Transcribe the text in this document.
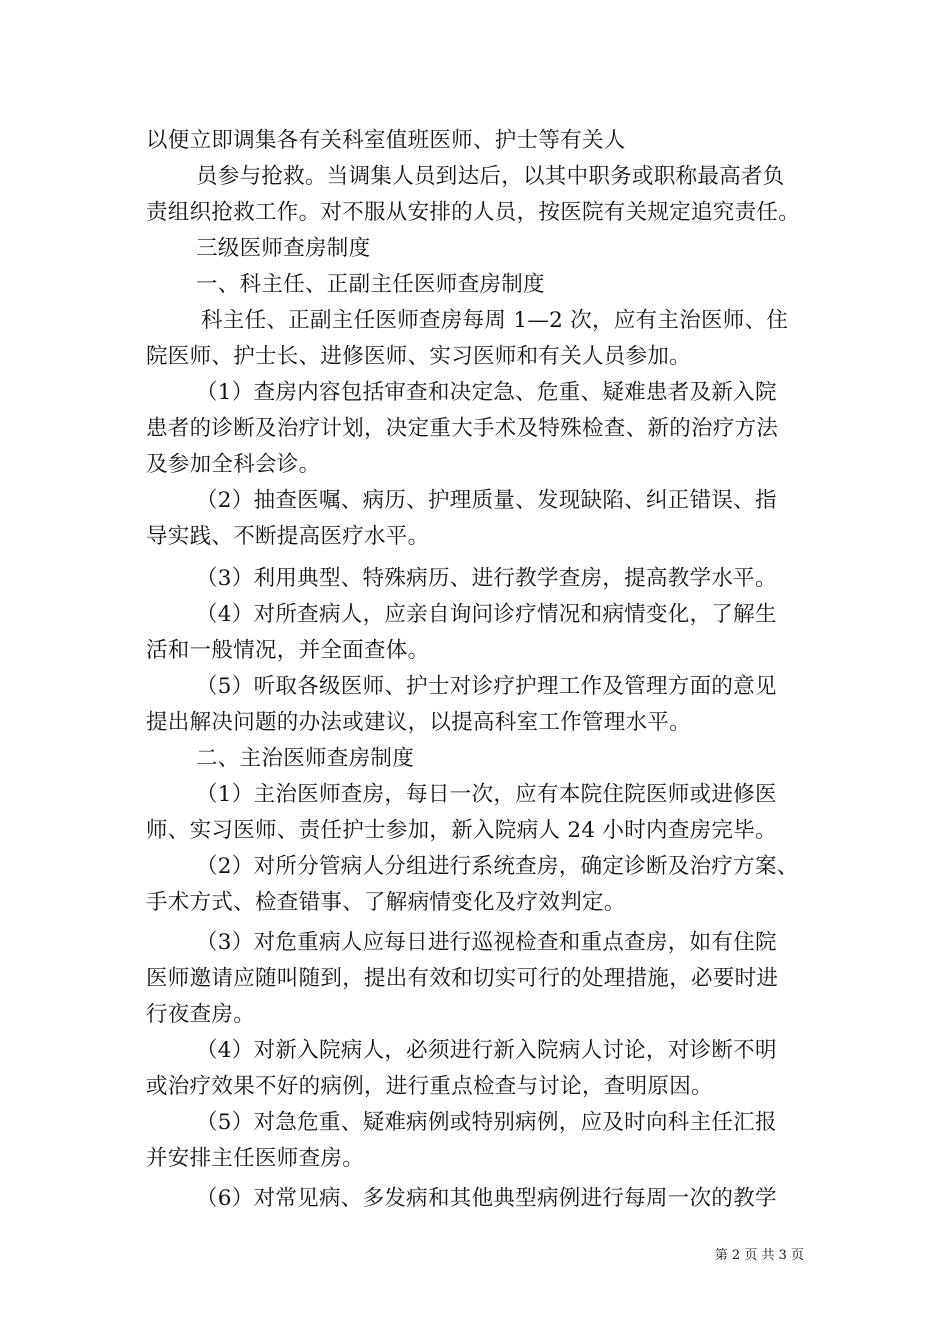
以便立即调集各有关科室值班医师、护士等有关人
员参与抢救。当调集人员到达后，以其中职务或职称最高者负
责组织抢救工作。对不服从安排的人员，按医院有关规定追究责任。
三级医师查房制度
一、科主任、正副主任医师查房制度
科主任、正副主任医师查房每周 1—2 次，应有主治医师、住
院医师、护士长、进修医师、实习医师和有关人员参加。
（1）查房内容包括审查和决定急、危重、疑难患者及新入院
患者的诊断及治疗计划，决定重大手术及特殊检查、新的治疗方法
及参加全科会诊。
（2）抽查医嘱、病历、护理质量、发现缺陷、纠正错误、指
导实践、不断提高医疗水平。
（3）利用典型、特殊病历、进行教学查房，提高教学水平。
（4）对所查病人，应亲自询问诊疗情况和病情变化，了解生
活和一般情况，并全面查体。
（5）听取各级医师、护士对诊疗护理工作及管理方面的意见
提出解决问题的办法或建议，以提高科室工作管理水平。
二、主治医师查房制度
（1）主治医师查房，每日一次，应有本院住院医师或进修医
师、实习医师、责任护士参加，新入院病人 24 小时内查房完毕。
（2）对所分管病人分组进行系统查房，确定诊断及治疗方案、
手术方式、检查错事、了解病情变化及疗效判定。
（3）对危重病人应每日进行巡视检查和重点查房，如有住院
医师邀请应随叫随到，提出有效和切实可行的处理措施，必要时进
行夜查房。
（4）对新入院病人，必须进行新入院病人讨论，对诊断不明
或治疗效果不好的病例，进行重点检查与讨论，查明原因。
（5）对急危重、疑难病例或特别病例，应及时向科主任汇报
并安排主任医师查房。
（6）对常见病、多发病和其他典型病例进行每周一次的教学
第 2 页 共 3 页
